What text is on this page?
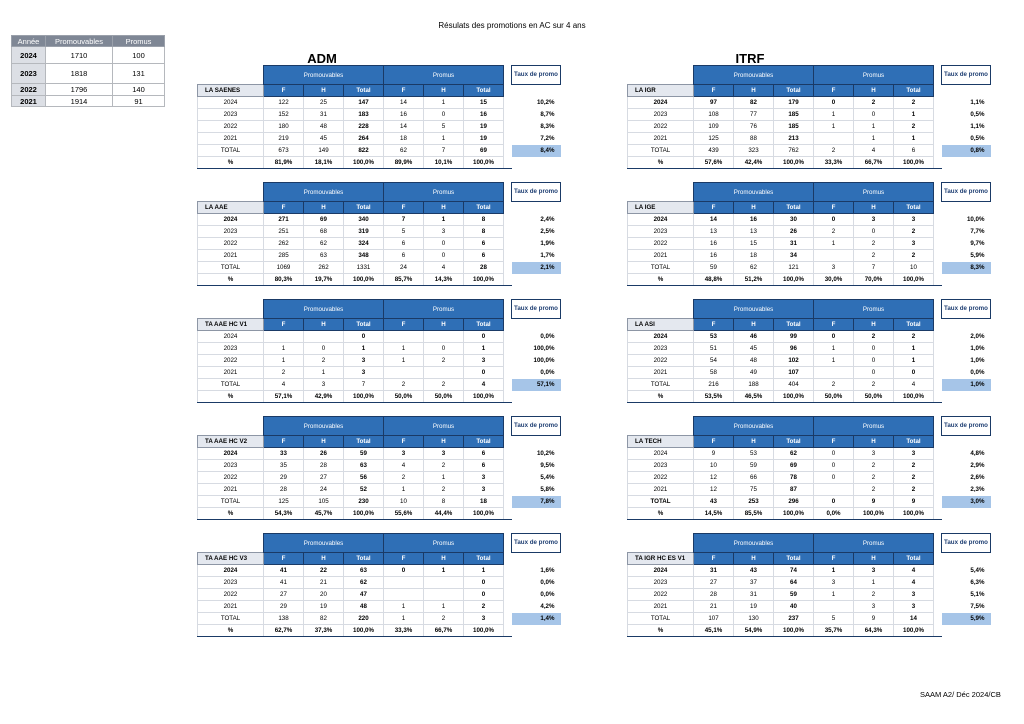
Résulats des promotions en AC sur 4 ans
ADM	ITRF
Année	Promouvables	Promus
2024	1710	100
2023	1818	131
2022	1796	140
2021	1914	91
	Promouvables			Promus				Taux de promo
LA SAENES	F	H	Total	F	H	Total		
2024	122	25	147	14	1	15		10,2%
2023	152	31	183	16	0	16		8,7%
2022	180	48	228	14	5	19		8,3%
2021	219	45	264	18	1	19		7,2%
TOTAL	673	149	822	62	7	69		8,4%
%	81,9%	18,1%	100,0%	89,9%	10,1%	100,0%		
	Promouvables			Promus				Taux de promo
LA AAE	F	H	Total	F	H	Total		
2024	271	69	340	7	1	8		2,4%
2023	251	68	319	5	3	8		2,5%
2022	262	62	324	6	0	6		1,9%
2021	285	63	348	6	0	6		1,7%
TOTAL	1069	262	1331	24	4	28		2,1%
%	80,3%	19,7%	100,0%	85,7%	14,3%	100,0%		
	Promouvables			Promus				Taux de promo
TA AAE HC V1	F	H	Total	F	H	Total		
2024			0			0		0,0%
2023	1	0	1	1	0	1		100,0%
2022	1	2	3	1	2	3		100,0%
2021	2	1	3			0		0,0%
TOTAL	4	3	7	2	2	4		57,1%
%	57,1%	42,9%	100,0%	50,0%	50,0%	100,0%		
	Promouvables			Promus				Taux de promo
TA AAE HC V2	F	H	Total	F	H	Total		
2024	33	26	59	3	3	6		10,2%
2023	35	28	63	4	2	6		9,5%
2022	29	27	56	2	1	3		5,4%
2021	28	24	52	1	2	3		5,8%
TOTAL	125	105	230	10	8	18		7,8%
%	54,3%	45,7%	100,0%	55,6%	44,4%	100,0%		
	Promouvables			Promus				Taux de promo
TA AAE HC V3	F	H	Total	F	H	Total		
2024	41	22	63	0	1	1		1,6%
2023	41	21	62			0		0,0%
2022	27	20	47			0		0,0%
2021	29	19	48	1	1	2		4,2%
TOTAL	138	82	220	1	2	3		1,4%
%	62,7%	37,3%	100,0%	33,3%	66,7%	100,0%		
	Promouvables			Promus				Taux de promo
LA IGR	F	H	Total	F	H	Total		
2024	97	82	179	0	2	2		1,1%
2023	108	77	185	1	0	1		0,5%
2022	109	76	185	1	1	2		1,1%
2021	125	88	213		1	1		0,5%
TOTAL	439	323	762	2	4	6		0,8%
%	57,6%	42,4%	100,0%	33,3%	66,7%	100,0%		
	Promouvables			Promus				Taux de promo
LA IGE	F	H	Total	F	H	Total		
2024	14	16	30	0	3	3		10,0%
2023	13	13	26	2	0	2		7,7%
2022	16	15	31	1	2	3		9,7%
2021	16	18	34		2	2		5,9%
TOTAL	59	62	121	3	7	10		8,3%
%	48,8%	51,2%	100,0%	30,0%	70,0%	100,0%		
	Promouvables			Promus				Taux de promo
LA ASI	F	H	Total	F	H	Total		
2024	53	46	99	0	2	2		2,0%
2023	51	45	96	1	0	1		1,0%
2022	54	48	102	1	0	1		1,0%
2021	58	49	107		0	0		0,0%
TOTAL	216	188	404	2	2	4		1,0%
%	53,5%	46,5%	100,0%	50,0%	50,0%	100,0%		
	Promouvables			Promus				Taux de promo
LA TECH	F	H	Total	F	H	Total		
2024	9	53	62	0	3	3		4,8%
2023	10	59	69	0	2	2		2,9%
2022	12	66	78	0	2	2		2,6%
2021	12	75	87		2	2		2,3%
TOTAL	43	253	296	0	9	9		3,0%
%	14,5%	85,5%	100,0%	0,0%	100,0%	100,0%		
	Promouvables			Promus				Taux de promo
TA IGR HC ES V1	F	H	Total	F	H	Total		
2024	31	43	74	1	3	4		5,4%
2023	27	37	64	3	1	4		6,3%
2022	28	31	59	1	2	3		5,1%
2021	21	19	40		3	3		7,5%
TOTAL	107	130	237	5	9	14		5,9%
%	45,1%	54,9%	100,0%	35,7%	64,3%	100,0%		
SAAM A2/ Déc 2024/CB
